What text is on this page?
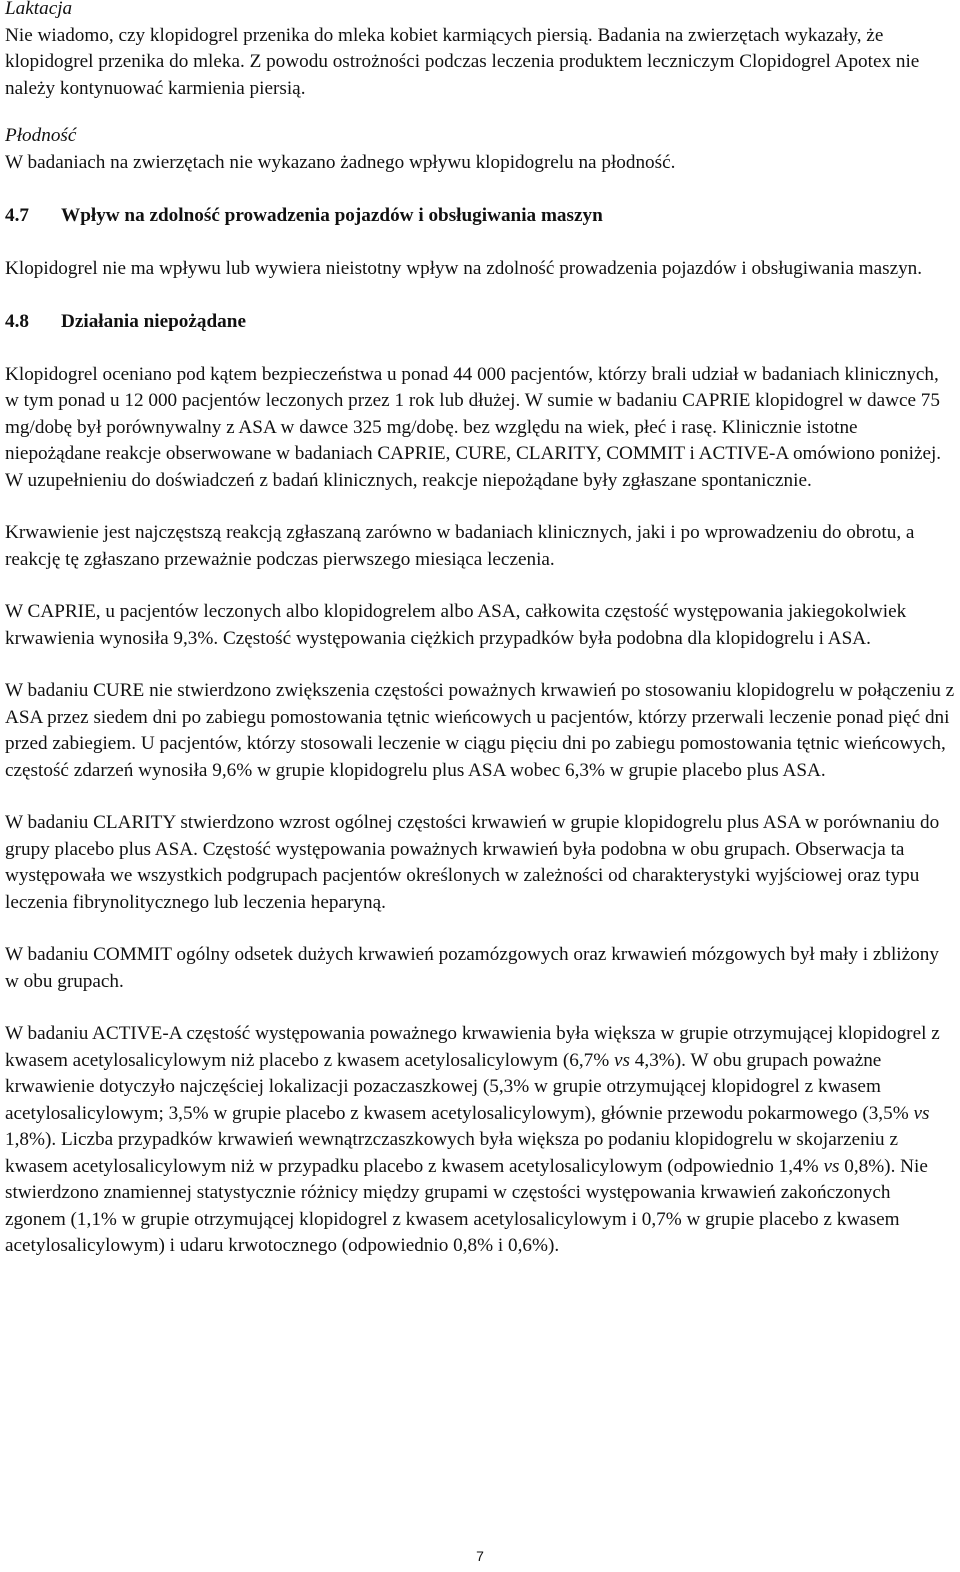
Laktacja

Nie wiadomo, czy klopidogrel przenika do mleka kobiet karmiących piersią. Badania na zwierzętach wykazały, że klopidogrel przenika do mleka. Z powodu ostrożności podczas leczenia produktem leczniczym Clopidogrel Apotex nie należy kontynuować karmienia piersią.

Płodność

W badaniach na zwierzętach nie wykazano żadnego wpływu klopidogrelu na płodność.

4.7 Wpływ na zdolność prowadzenia pojazdów i obsługiwania maszyn

Klopidogrel nie ma wpływu lub wywiera nieistotny wpływ na zdolność prowadzenia pojazdów i obsługiwania maszyn.

4.8 Działania niepożądane

Klopidogrel oceniano pod kątem bezpieczeństwa u ponad 44 000 pacjentów, którzy brali udział w badaniach klinicznych, w tym ponad u 12 000 pacjentów leczonych przez 1 rok lub dłużej. W sumie w badaniu CAPRIE klopidogrel w dawce 75 mg/dobę był porównywalny z ASA w dawce 325 mg/dobę. bez względu na wiek, płeć i rasę. Klinicznie istotne niepożądane reakcje obserwowane w badaniach CAPRIE, CURE, CLARITY, COMMIT i ACTIVE-A omówiono poniżej. W uzupełnieniu do doświadczeń z badań klinicznych, reakcje niepożądane były zgłaszane spontanicznie.

Krwawienie jest najczęstszą reakcją zgłaszaną zarówno w badaniach klinicznych, jaki i po wprowadzeniu do obrotu, a reakcję tę zgłaszano przeważnie podczas pierwszego miesiąca leczenia.

W CAPRIE, u pacjentów leczonych albo klopidogrelem albo ASA, całkowita częstość występowania jakiegokolwiek krwawienia wynosiła 9,3%. Częstość występowania ciężkich przypadków była podobna dla klopidogrelu i ASA.

W badaniu CURE nie stwierdzono zwiększenia częstości poważnych krwawień po stosowaniu klopidogrelu w połączeniu z ASA przez siedem dni po zabiegu pomostowania tętnic wieńcowych u pacjentów, którzy przerwali leczenie ponad pięć dni przed zabiegiem. U pacjentów, którzy stosowali leczenie w ciągu pięciu dni po zabiegu pomostowania tętnic wieńcowych, częstość zdarzeń wynosiła 9,6% w grupie klopidogrelu plus ASA wobec 6,3% w grupie placebo plus ASA.

W badaniu CLARITY stwierdzono wzrost ogólnej częstości krwawień w grupie klopidogrelu plus ASA w porównaniu do grupy placebo plus ASA. Częstość występowania poważnych krwawień była podobna w obu grupach. Obserwacja ta występowała we wszystkich podgrupach pacjentów określonych w zależności od charakterystyki wyjściowej oraz typu leczenia fibrynolitycznego lub leczenia heparyną.

W badaniu COMMIT ogólny odsetek dużych krwawień pozamózgowych oraz krwawień mózgowych był mały i zbliżony w obu grupach.

W badaniu ACTIVE-A częstość występowania poważnego krwawienia była większa w grupie otrzymującej klopidogrel z kwasem acetylosalicylowym niż placebo z kwasem acetylosalicylowym (6,7% vs 4,3%). W obu grupach poważne krwawienie dotyczyło najczęściej lokalizacji pozaczaszkowej (5,3% w grupie otrzymującej klopidogrel z kwasem acetylosalicylowym; 3,5% w grupie placebo z kwasem acetylosalicylowym), głównie przewodu pokarmowego (3,5% vs 1,8%). Liczba przypadków krwawień wewnątrzczaszkowych była większa po podaniu klopidogrelu w skojarzeniu z kwasem acetylosalicylowym niż w przypadku placebo z kwasem acetylosalicylowym (odpowiednio 1,4% vs 0,8%). Nie stwierdzono znamiennej statystycznie różnicy między grupami w częstości występowania krwawień zakończonych zgonem (1,1% w grupie otrzymującej klopidogrel z kwasem acetylosalicylowym i 0,7% w grupie placebo z kwasem acetylosalicylowym) i udaru krwotocznego (odpowiednio 0,8% i 0,6%).

7
